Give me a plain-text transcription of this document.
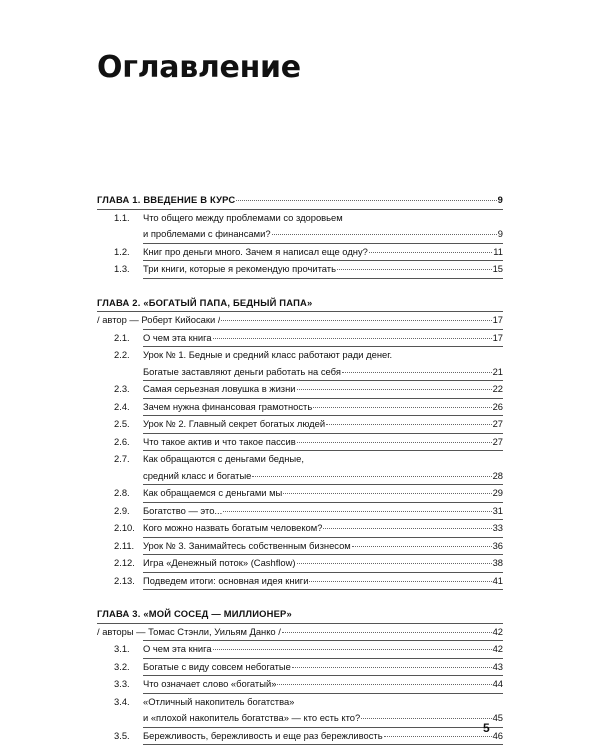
Оглавление
ГЛАВА 1. ВВЕДЕНИЕ В КУРС	9
1.1.	Что общего между проблемами со здоровьем
и проблемами с финансами?	9
1.2.	Книг про деньги много. Зачем я написал еще одну?	11
1.3.	Три книги, которые я рекомендую прочитать	15
ГЛАВА 2. «БОГАТЫЙ ПАПА, БЕДНЫЙ ПАПА»
/ автор — Роберт Кийосаки /	17
2.1.	О чем эта книга	17
2.2.	Урок № 1. Бедные и средний класс работают ради денег.
Богатые заставляют деньги работать на себя	21
2.3.	Самая серьезная ловушка в жизни	22
2.4.	Зачем нужна финансовая грамотность	26
2.5.	Урок № 2. Главный секрет богатых людей	27
2.6.	Что такое актив и что такое пассив	27
2.7.	Как обращаются с деньгами бедные,
средний класс и богатые	28
2.8.	Как обращаемся с деньгами мы	29
2.9.	Богатство — это...	31
2.10. Кого можно назвать богатым человеком?	33
2.11. Урок № 3. Занимайтесь собственным бизнесом	36
2.12. Игра «Денежный поток» (Cashflow)	38
2.13. Подведем итоги: основная идея книги	41
ГЛАВА 3. «МОЙ СОСЕД — МИЛЛИОНЕР»
/ авторы — Томас Стэнли, Уильям Данко /	42
3.1.	О чем эта книга	42
3.2.	Богатые с виду совсем небогатые	43
3.3.	Что означает слово «богатый»	44
3.4.	«Отличный накопитель богатства»
и «плохой накопитель богатства» — кто есть кто?	45
3.5.	Бережливость, бережливость и еще раз бережливость	46
5
